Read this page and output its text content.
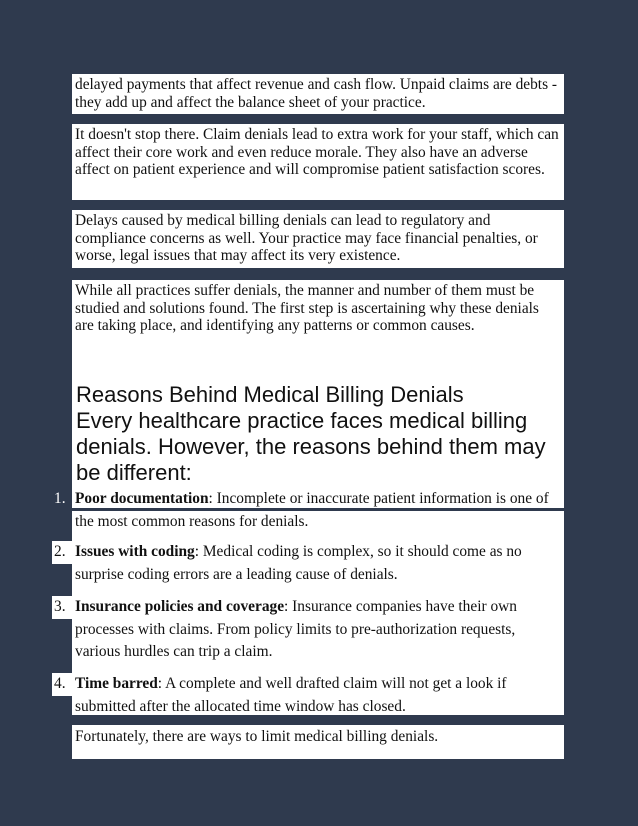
delayed payments that affect revenue and cash flow. Unpaid claims are debts - they add up and affect the balance sheet of your practice.
It doesn't stop there. Claim denials lead to extra work for your staff, which can affect their core work and even reduce morale. They also have an adverse affect on patient experience and will compromise patient satisfaction scores.
Delays caused by medical billing denials can lead to regulatory and compliance concerns as well. Your practice may face financial penalties, or worse, legal issues that may affect its very existence.
While all practices suffer denials, the manner and number of them must be studied and solutions found. The first step is ascertaining why these denials are taking place, and identifying any patterns or common causes.
Reasons Behind Medical Billing Denials
Every healthcare practice faces medical billing denials. However, the reasons behind them may be different:
1. Poor documentation: Incomplete or inaccurate patient information is one of the most common reasons for denials.
2. Issues with coding: Medical coding is complex, so it should come as no surprise coding errors are a leading cause of denials.
3. Insurance policies and coverage: Insurance companies have their own processes with claims. From policy limits to pre-authorization requests, various hurdles can trip a claim.
4. Time barred: A complete and well drafted claim will not get a look if submitted after the allocated time window has closed.
Fortunately, there are ways to limit medical billing denials.
